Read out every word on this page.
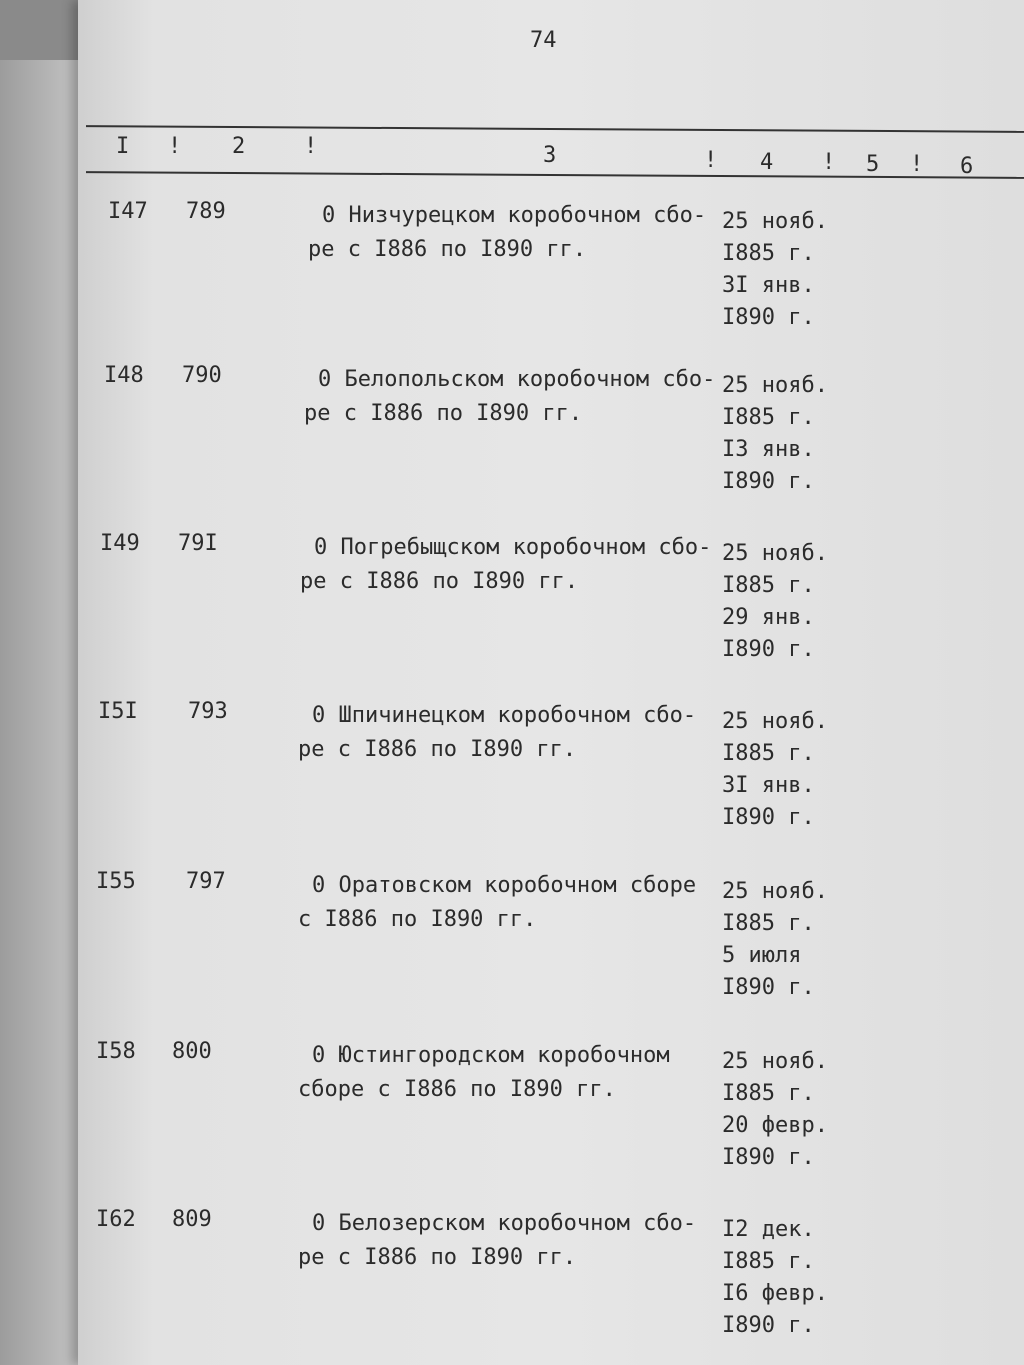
74
I ! 2	!	3	! 4 ! 5 ! 6
I47 789	0 Низчурецком коробочном сбо-
ре с I886 по I890 гг.
25 нояб.
I885 г.
3I янв.
I890 г.
I48 790	0 Белопольском коробочном сбо-
ре с I886 по I890 гг.
25 нояб.
I885 г.
I3 янв.
I890 г.
I49 79I	0 Погребыщском коробочном сбо-
ре с I886 по I890 гг.
25 нояб.
I885 г.
29 янв.
I890 г.
I5I 793	0 Шпичинецком коробочном сбо-
ре с I886 по I890 гг.
25 нояб.
I885 г.
3I янв.
I890 г.
I55 797	0 Оратовском коробочном сборе
с I886 по I890 гг.
25 нояб.
I885 г.
5 июля
I890 г.
I58 800	0 Юстингородском коробочном
сборе с I886 по I890 гг.
25 нояб.
I885 г.
20 февр.
I890 г.
I62 809	0 Белозерском коробочном сбо-
ре с I886 по I890 гг.
I2 дек.
I885 г.
I6 февр.
I890 г.
